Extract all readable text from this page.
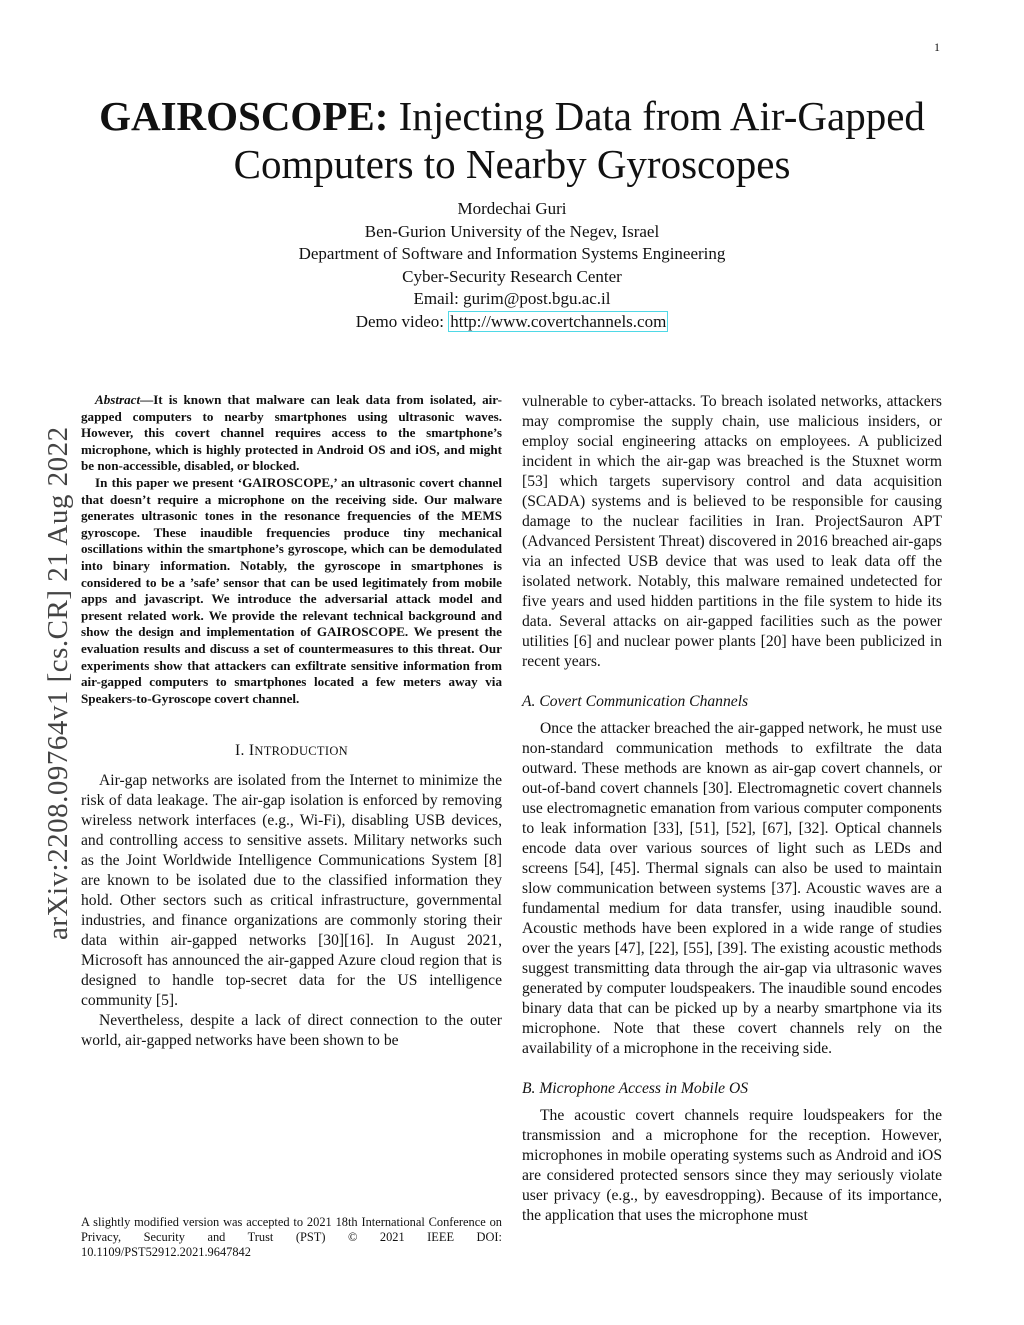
1
arXiv:2208.09764v1 [cs.CR] 21 Aug 2022
GAIROSCOPE: Injecting Data from Air-Gapped
Computers to Nearby Gyroscopes
Mordechai Guri
Ben-Gurion University of the Negev, Israel
Department of Software and Information Systems Engineering
Cyber-Security Research Center
Email: gurim@post.bgu.ac.il
Demo video: http://www.covertchannels.com

Abstract—It is known that malware can leak data from isolated, air-gapped computers to nearby smartphones using ultrasonic waves. However, this covert channel requires access to the smartphone’s microphone, which is highly protected in Android OS and iOS, and might be non-accessible, disabled, or blocked.

In this paper we present ‘GAIROSCOPE,’ an ultrasonic covert channel that doesn’t require a microphone on the receiving side. Our malware generates ultrasonic tones in the resonance frequencies of the MEMS gyroscope. These inaudible frequencies produce tiny mechanical oscillations within the smartphone’s gyroscope, which can be demodulated into binary information. Notably, the gyroscope in smartphones is considered to be a ’safe’ sensor that can be used legitimately from mobile apps and javascript. We introduce the adversarial attack model and present related work. We provide the relevant technical background and show the design and implementation of GAIROSCOPE. We present the evaluation results and discuss a set of countermeasures to this threat. Our experiments show that attackers can exfiltrate sensitive information from air-gapped computers to smartphones located a few meters away via Speakers-to-Gyroscope covert channel.

I. INTRODUCTION

Air-gap networks are isolated from the Internet to minimize the risk of data leakage. The air-gap isolation is enforced by removing wireless network interfaces (e.g., Wi-Fi), disabling USB devices, and controlling access to sensitive assets. Military networks such as the Joint Worldwide Intelligence Communications System [8] are known to be isolated due to the classified information they hold. Other sectors such as critical infrastructure, governmental industries, and finance organizations are commonly storing their data within air-gapped networks [30][16]. In August 2021, Microsoft has announced the air-gapped Azure cloud region that is designed to handle top-secret data for the US intelligence community [5].

Nevertheless, despite a lack of direct connection to the outer world, air-gapped networks have been shown to be

A slightly modified version was accepted to 2021 18th International Conference on Privacy, Security and Trust (PST) © 2021 IEEE DOI: 10.1109/PST52912.2021.9647842

vulnerable to cyber-attacks. To breach isolated networks, attackers may compromise the supply chain, use malicious insiders, or employ social engineering attacks on employees. A publicized incident in which the air-gap was breached is the Stuxnet worm [53] which targets supervisory control and data acquisition (SCADA) systems and is believed to be responsible for causing damage to the nuclear facilities in Iran. ProjectSauron APT (Advanced Persistent Threat) discovered in 2016 breached air-gaps via an infected USB device that was used to leak data off the isolated network. Notably, this malware remained undetected for five years and used hidden partitions in the file system to hide its data. Several attacks on air-gapped facilities such as the power utilities [6] and nuclear power plants [20] have been publicized in recent years.

A. Covert Communication Channels

Once the attacker breached the air-gapped network, he must use non-standard communication methods to exfiltrate the data outward. These methods are known as air-gap covert channels, or out-of-band covert channels [30]. Electromagnetic covert channels use electromagnetic emanation from various computer components to leak information [33], [51], [52], [67], [32]. Optical channels encode data over various sources of light such as LEDs and screens [54], [45]. Thermal signals can also be used to maintain slow communication between systems [37]. Acoustic waves are a fundamental medium for data transfer, using inaudible sound. Acoustic methods have been explored in a wide range of studies over the years [47], [22], [55], [39]. The existing acoustic methods suggest transmitting data through the air-gap via ultrasonic waves generated by computer loudspeakers. The inaudible sound encodes binary data that can be picked up by a nearby smartphone via its microphone. Note that these covert channels rely on the availability of a microphone in the receiving side.

B. Microphone Access in Mobile OS

The acoustic covert channels require loudspeakers for the transmission and a microphone for the reception. However, microphones in mobile operating systems such as Android and iOS are considered protected sensors since they may seriously violate user privacy (e.g., by eavesdropping). Because of its importance, the application that uses the microphone must
